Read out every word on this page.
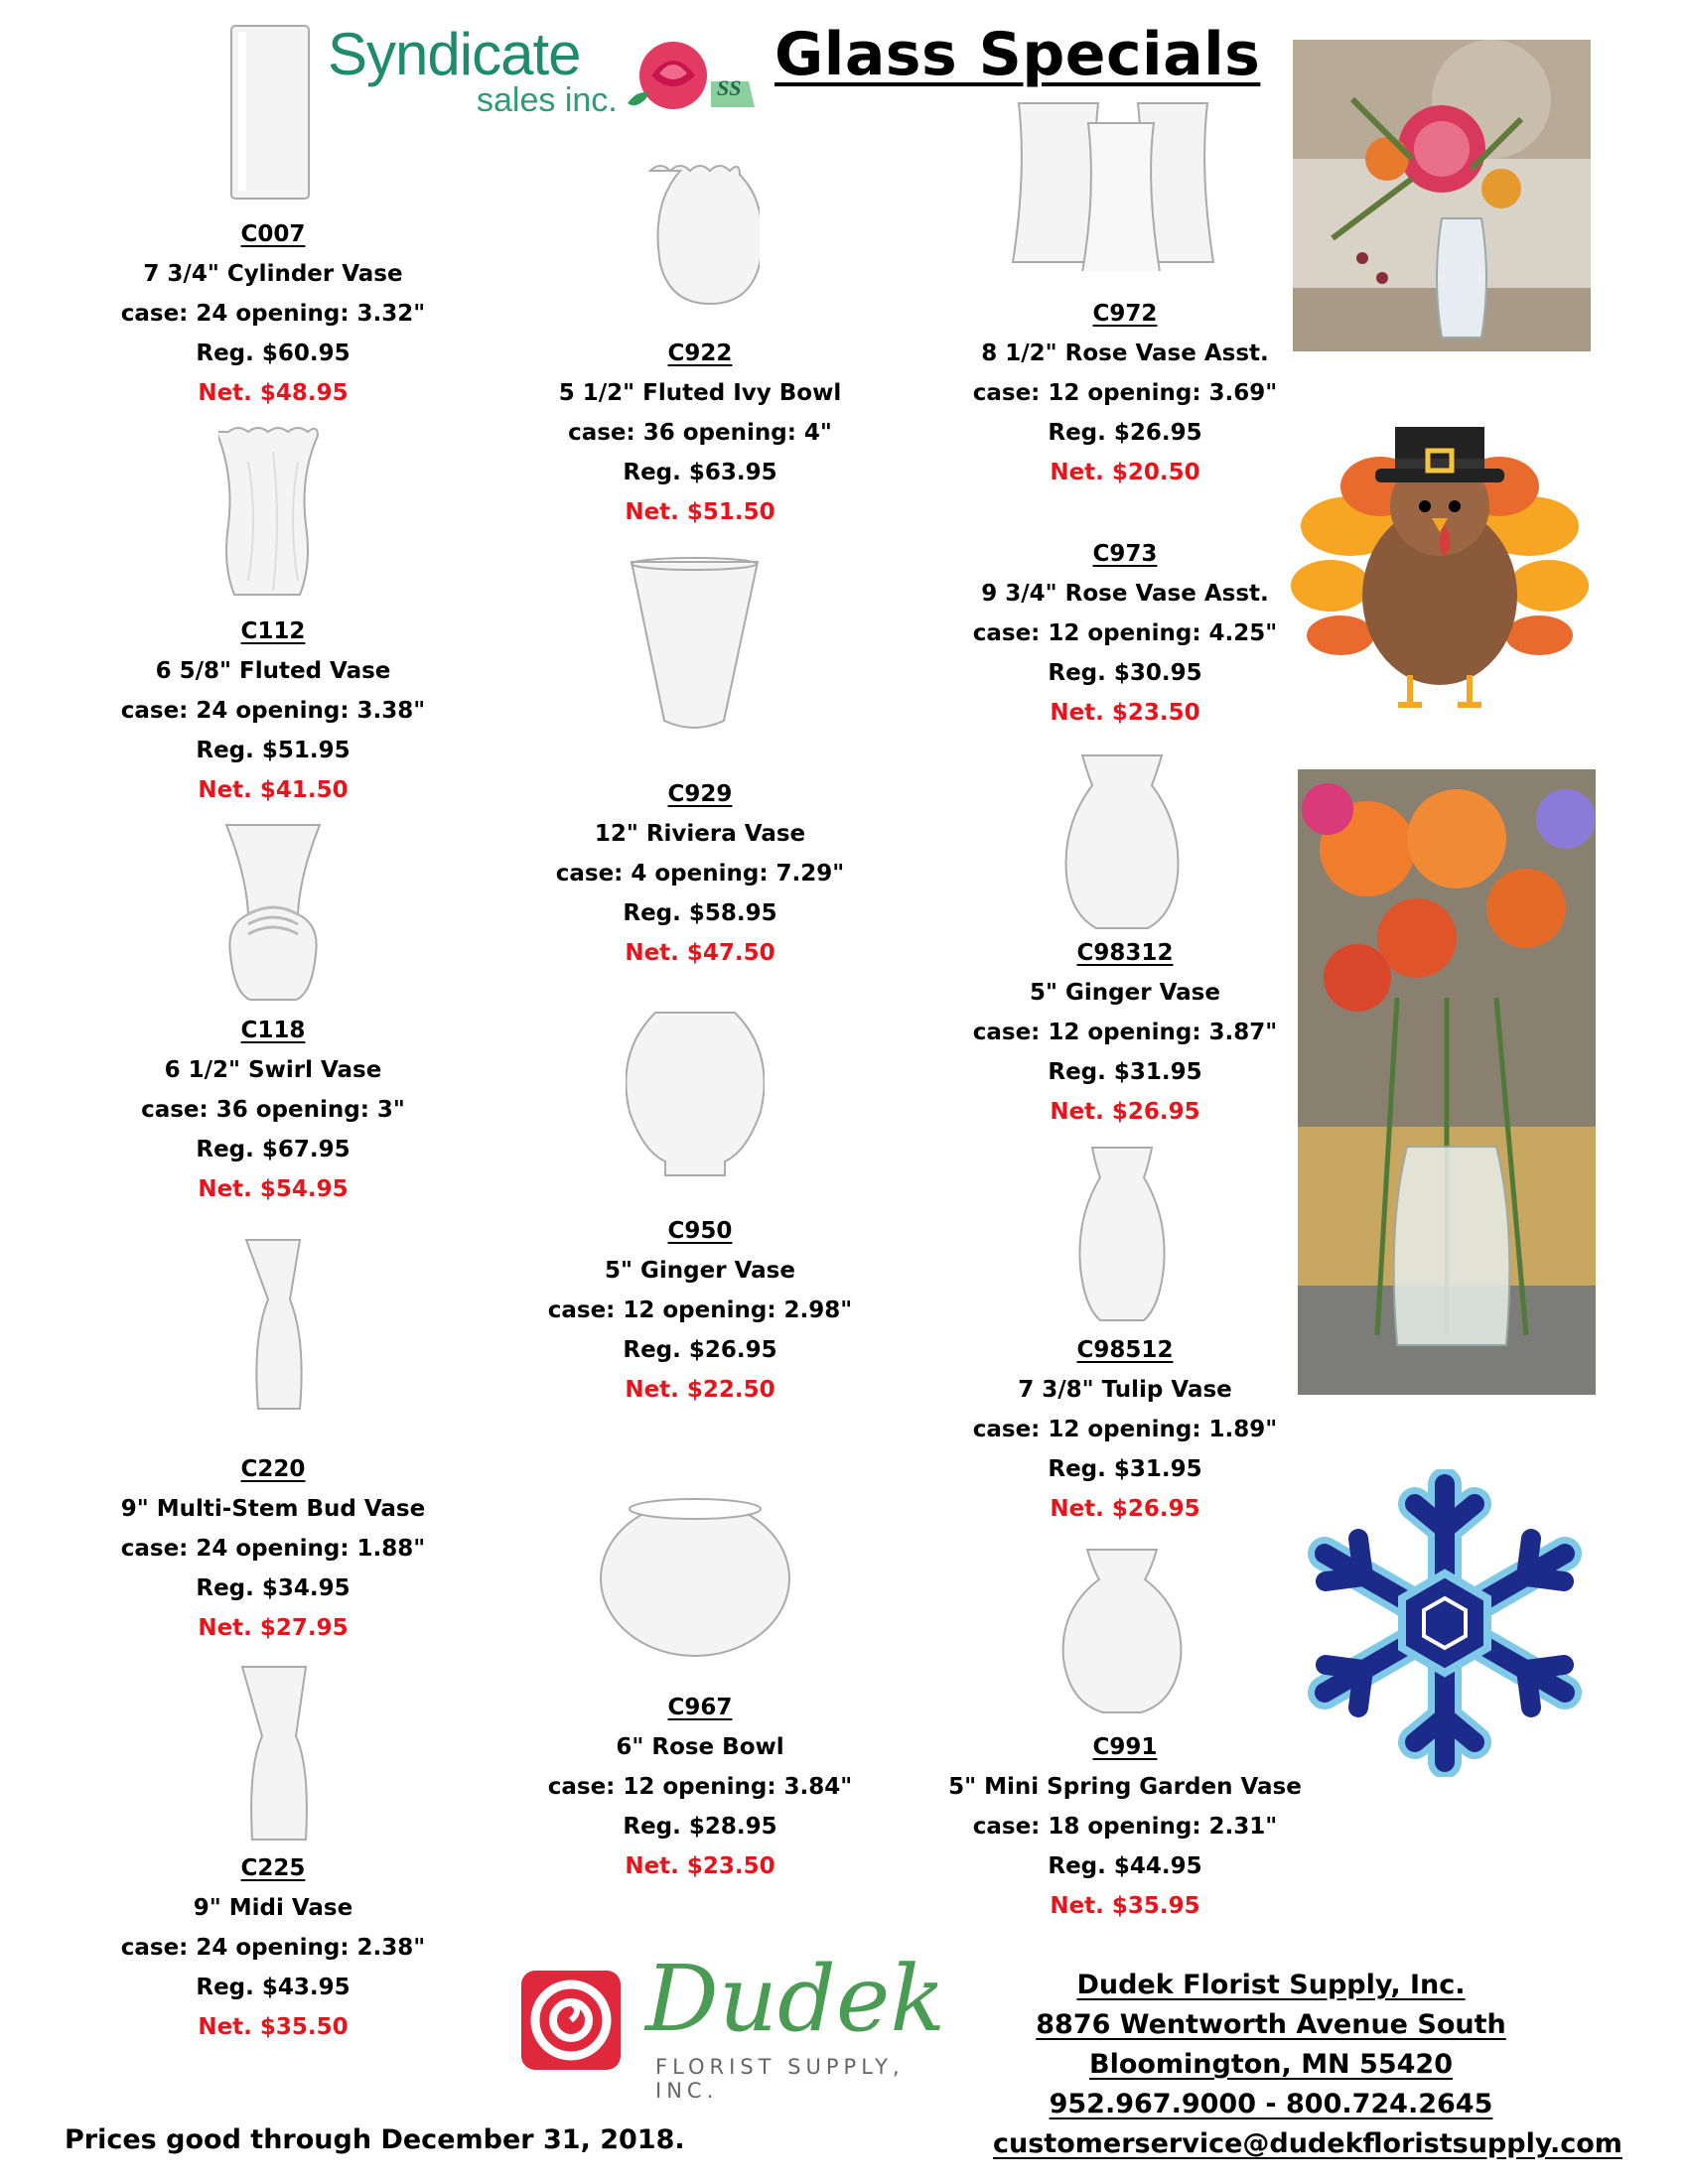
Syndicate
sales inc.	SS Glass Specials
C007
7 3/4" Cylinder Vase
case: 24 opening: 3.32"
Reg. $60.95
Net. $48.95
C112
6 5/8" Fluted Vase
case: 24 opening: 3.38"
Reg. $51.95
Net. $41.50
C118
6 1/2" Swirl Vase
case: 36 opening: 3"
Reg. $67.95
Net. $54.95
C220
9" Multi-Stem Bud Vase
case: 24 opening: 1.88"
Reg. $34.95
Net. $27.95
C225
9" Midi Vase
case: 24 opening: 2.38"
Reg. $43.95
Net. $35.50
C922
5 1/2" Fluted Ivy Bowl
case: 36 opening: 4"
Reg. $63.95
Net. $51.50
C929
12" Riviera Vase
case: 4 opening: 7.29"
Reg. $58.95
Net. $47.50
C950
5" Ginger Vase
case: 12 opening: 2.98"
Reg. $26.95
Net. $22.50
C967
6" Rose Bowl
case: 12 opening: 3.84"
Reg. $28.95
Net. $23.50
C972
8 1/2" Rose Vase Asst.
case: 12 opening: 3.69"
Reg. $26.95
Net. $20.50
C973
9 3/4" Rose Vase Asst.
case: 12 opening: 4.25"
Reg. $30.95
Net. $23.50
C98312
5" Ginger Vase
case: 12 opening: 3.87"
Reg. $31.95
Net. $26.95
C98512
7 3/8" Tulip Vase
case: 12 opening: 1.89"
Reg. $31.95
Net. $26.95
C991
5" Mini Spring Garden Vase
case: 18 opening: 2.31"
Reg. $44.95
Net. $35.95
Dudek
FLORIST SUPPLY, INC.
Dudek Florist Supply, Inc.
8876 Wentworth Avenue South
Bloomington, MN 55420
952.967.9000 - 800.724.2645
customerservice@dudekfloristsupply.com
Prices good through December 31, 2018.
